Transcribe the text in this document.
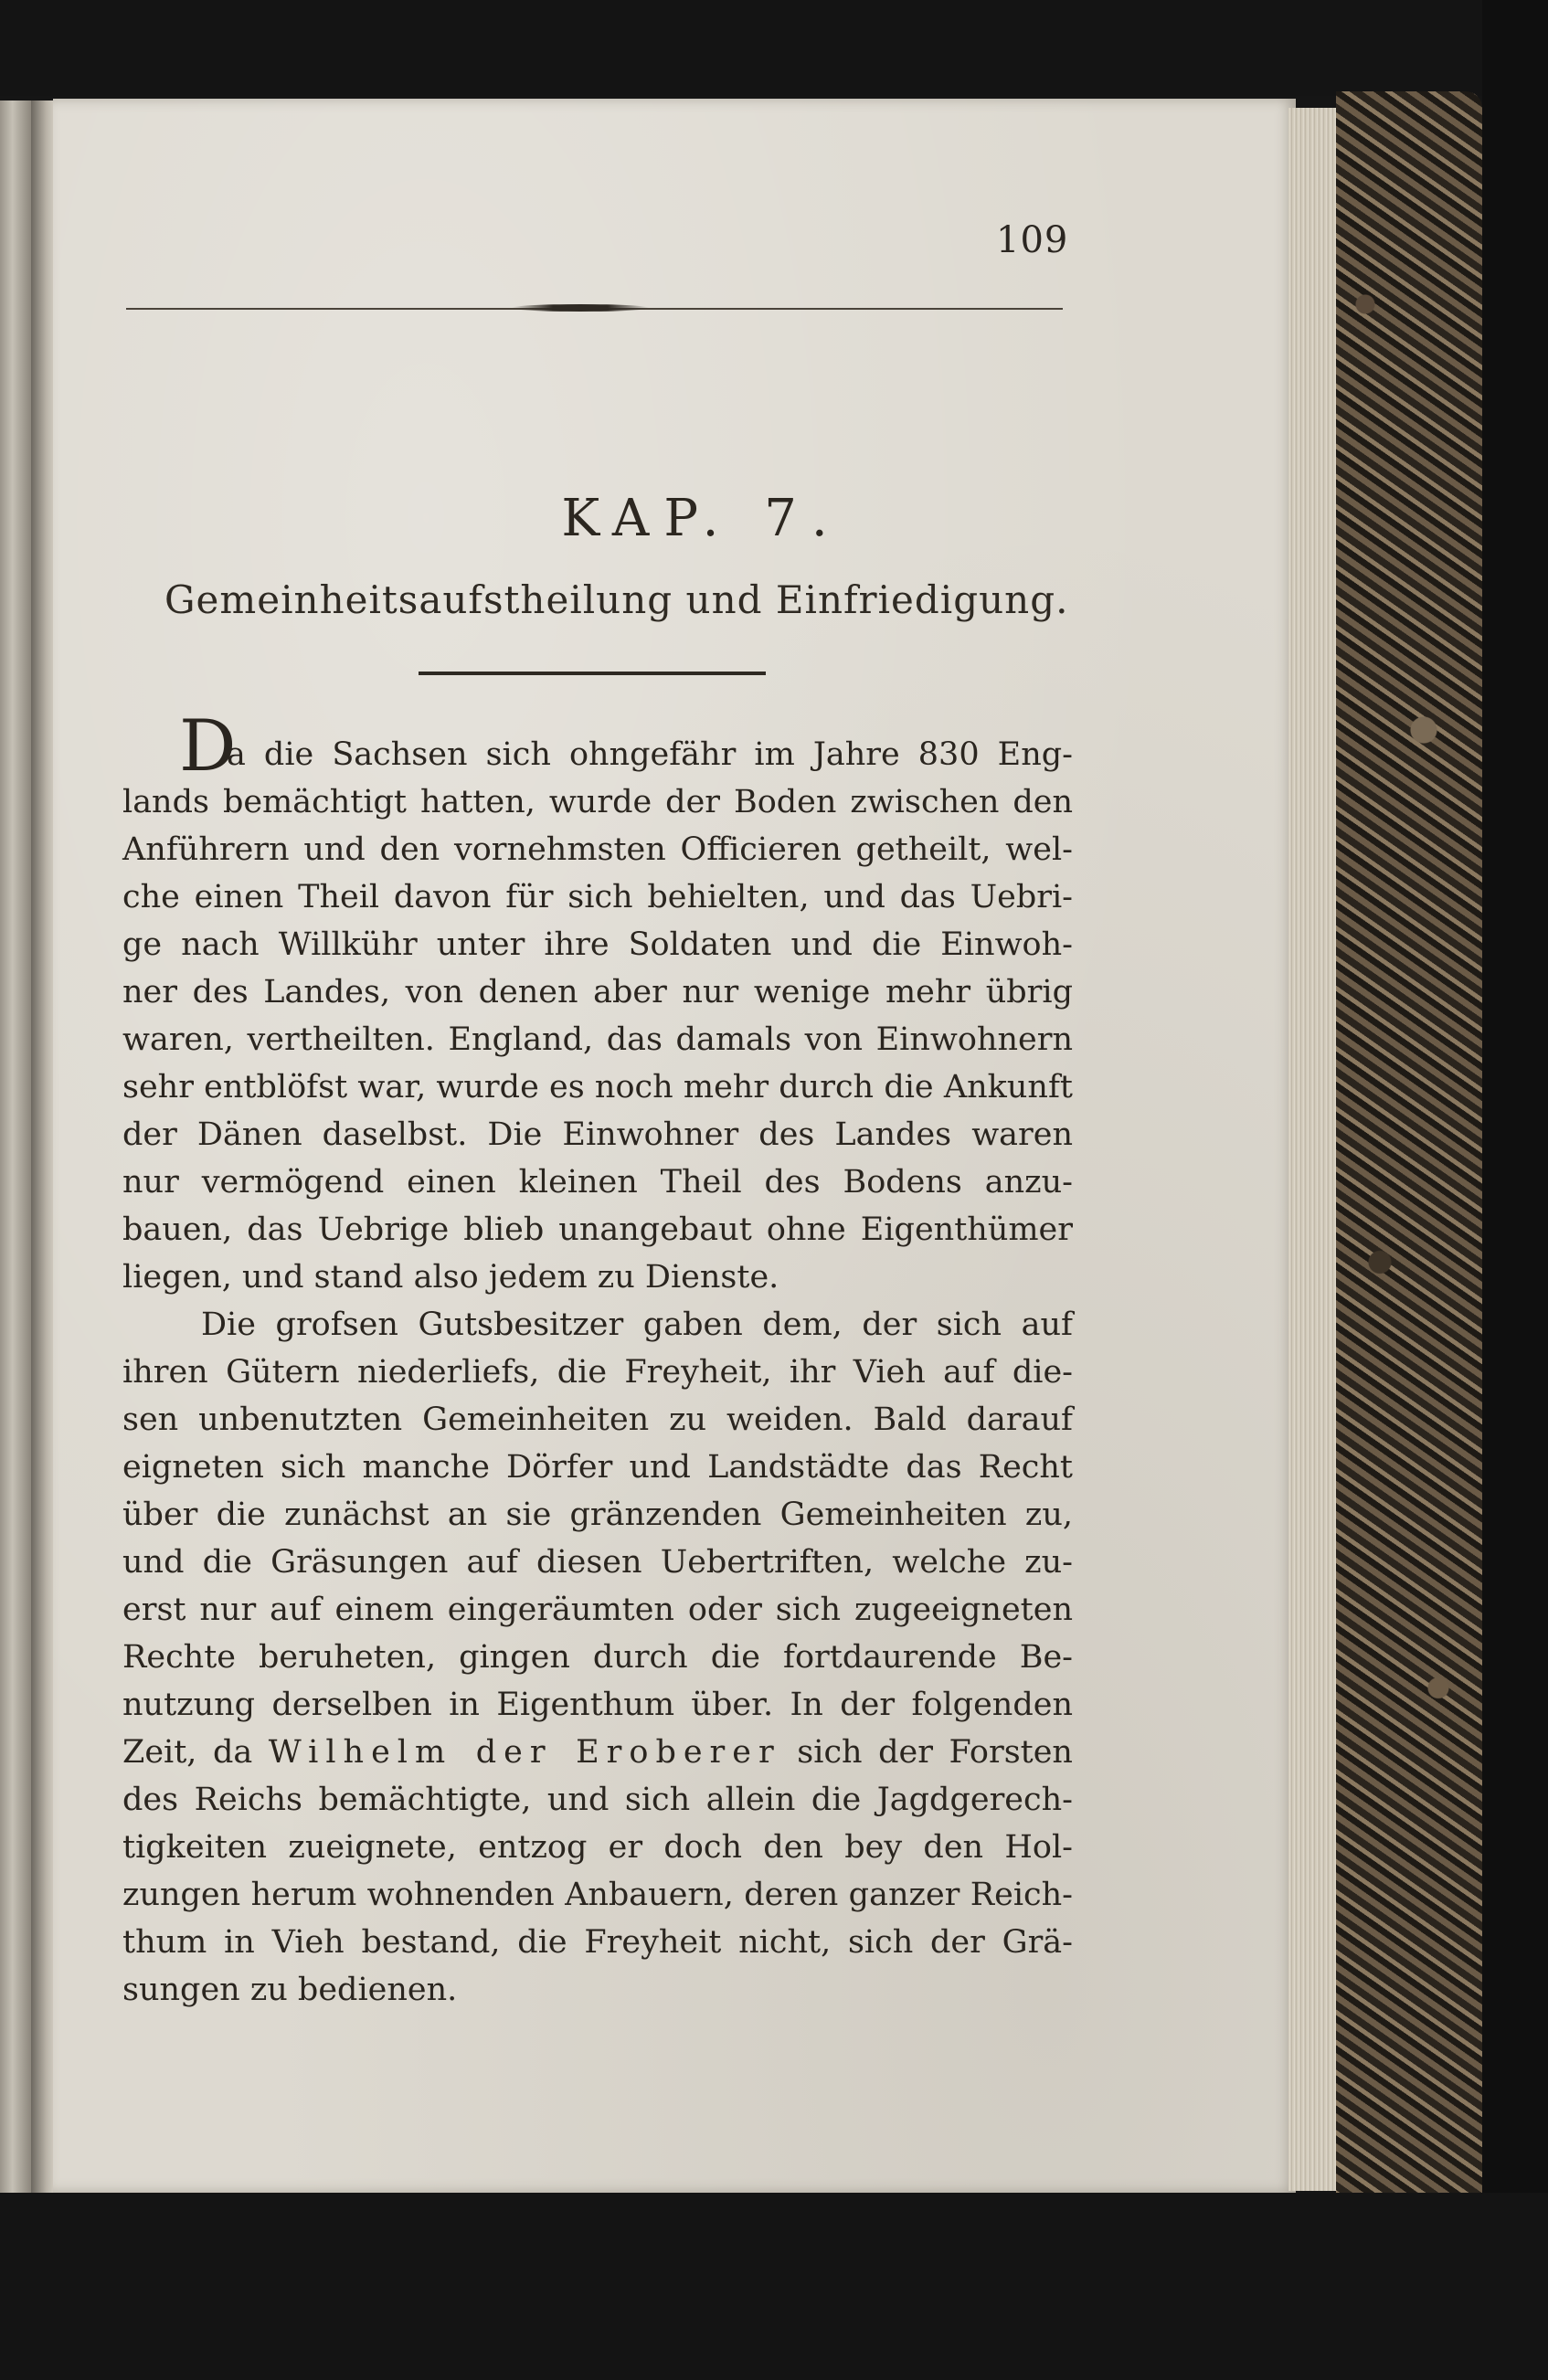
109
KAP. 7.
Gemeinheitsaufstheilung und Einfriedigung.
D
a die Sachsen sich ohngefähr im Jahre 830 Eng-
lands bemächtigt hatten, wurde der Boden zwischen den
Anführern und den vornehmsten Officieren getheilt, wel-
che einen Theil davon für sich behielten, und das Uebri-
ge nach Willkühr unter ihre Soldaten und die Einwoh-
ner des Landes, von denen aber nur wenige mehr übrig
waren, vertheilten. England, das damals von Einwohnern
sehr entblöfst war, wurde es noch mehr durch die Ankunft
der Dänen daselbst. Die Einwohner des Landes waren
nur vermögend einen kleinen Theil des Bodens anzu-
bauen, das Uebrige blieb unangebaut ohne Eigenthümer
liegen, und stand also jedem zu Dienste.
Die grofsen Gutsbesitzer gaben dem, der sich auf
ihren Gütern niederliefs, die Freyheit, ihr Vieh auf die-
sen unbenutzten Gemeinheiten zu weiden. Bald darauf
eigneten sich manche Dörfer und Landstädte das Recht
über die zunächst an sie gränzenden Gemeinheiten zu,
und die Gräsungen auf diesen Uebertriften, welche zu-
erst nur auf einem eingeräumten oder sich zugeeigneten
Rechte beruheten, gingen durch die fortdaurende Be-
nutzung derselben in Eigenthum über. In der folgenden
Zeit, da Wilhelm der Eroberer sich der Forsten
des Reichs bemächtigte, und sich allein die Jagdgerech-
tigkeiten zueignete, entzog er doch den bey den Hol-
zungen herum wohnenden Anbauern, deren ganzer Reich-
thum in Vieh bestand, die Freyheit nicht, sich der Grä-
sungen zu bedienen.
